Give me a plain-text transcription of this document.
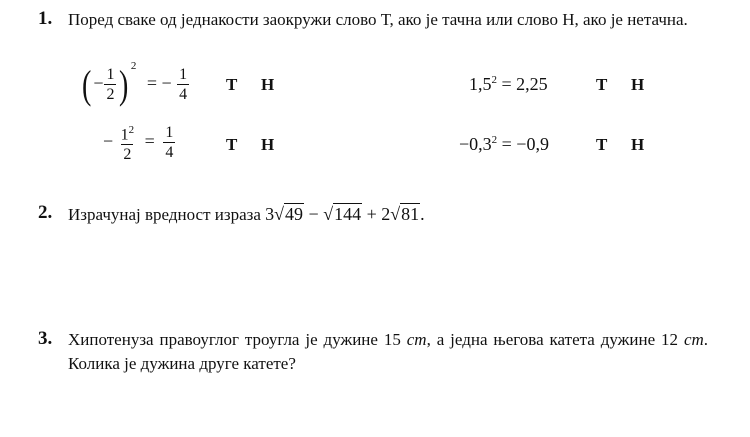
1. Поред сваке од једнакости заокружи слово Т, ако је тачна или слово Н, ако је нетачна.
( − $\frac{1}{2}$ ) $^2$ = − $\frac{1}{4}$ Т Н	$1,5^2 = 2,25$	Т Н
− $\frac{1^2}{2} = \frac{1}{4}$	Т Н	$-0,3^2 = -0,9$	Т Н
2. Израчунај вредност израза 3√49 − √144 + 2√81.
3. Хипотенуза правоуглог троугла је дужине 15 cm, а једна његова катета дужине 12 cm. Колика је дужина друге катете?
